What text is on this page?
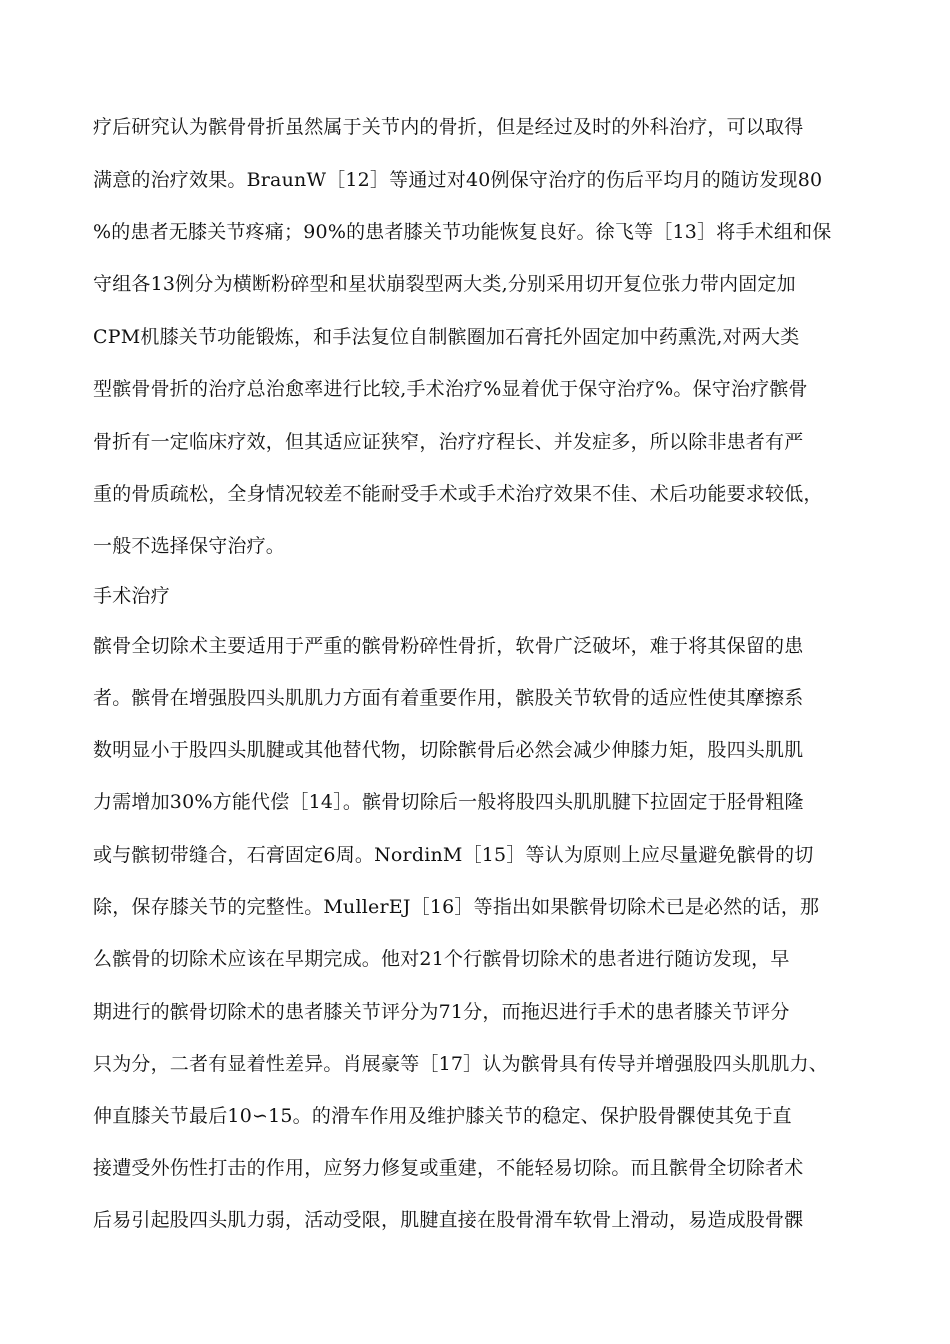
疗后研究认为髌骨骨折虽然属于关节内的骨折，但是经过及时的外科治疗，可以取得
满意的治疗效果。BraunW［12］等通过对40例保守治疗的伤后平均月的随访发现80
%的患者无膝关节疼痛；90%的患者膝关节功能恢复良好。徐飞等［13］将手术组和保
守组各13例分为横断粉碎型和星状崩裂型两大类,分别采用切开复位张力带内固定加
CPM机膝关节功能锻炼，和手法复位自制髌圈加石膏托外固定加中药熏洗,对两大类
型髌骨骨折的治疗总治愈率进行比较,手术治疗%显着优于保守治疗%。保守治疗髌骨
骨折有一定临床疗效，但其适应证狭窄，治疗疗程长、并发症多，所以除非患者有严
重的骨质疏松，全身情况较差不能耐受手术或手术治疗效果不佳、术后功能要求较低，
一般不选择保守治疗。
手术治疗
髌骨全切除术主要适用于严重的髌骨粉碎性骨折，软骨广泛破坏，难于将其保留的患
者。髌骨在增强股四头肌肌力方面有着重要作用，髌股关节软骨的适应性使其摩擦系
数明显小于股四头肌腱或其他替代物，切除髌骨后必然会减少伸膝力矩，股四头肌肌
力需增加30%方能代偿［14］。髌骨切除后一般将股四头肌肌腱下拉固定于胫骨粗隆
或与髌韧带缝合，石膏固定6周。NordinM［15］等认为原则上应尽量避免髌骨的切
除，保存膝关节的完整性。MullerEJ［16］等指出如果髌骨切除术已是必然的话，那
么髌骨的切除术应该在早期完成。他对21个行髌骨切除术的患者进行随访发现，早
期进行的髌骨切除术的患者膝关节评分为71分，而拖迟进行手术的患者膝关节评分
只为分，二者有显着性差异。肖展豪等［17］认为髌骨具有传导并增强股四头肌肌力、
伸直膝关节最后10∽15。的滑车作用及维护膝关节的稳定、保护股骨髁使其免于直
接遭受外伤性打击的作用，应努力修复或重建，不能轻易切除。而且髌骨全切除者术
后易引起股四头肌力弱，活动受限，肌腱直接在股骨滑车软骨上滑动，易造成股骨髁
